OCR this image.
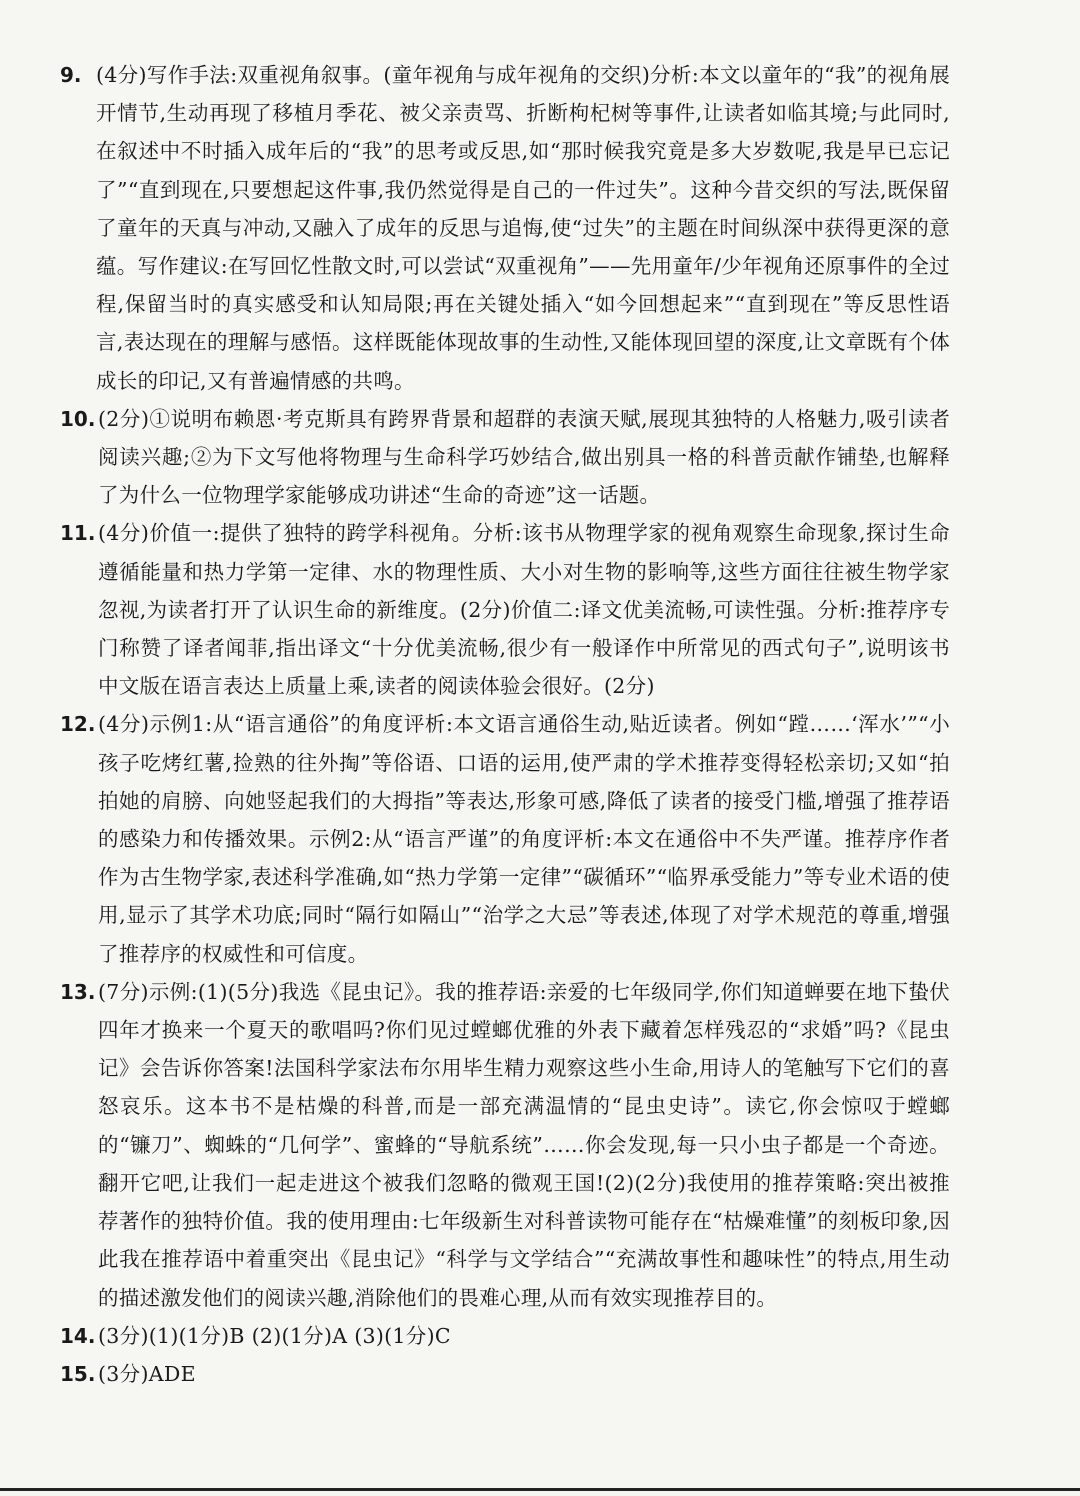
9. (4分)写作手法:双重视角叙事。(童年视角与成年视角的交织)分析:本文以童年的“我”的视角展开情节,生动再现了移植月季花、被父亲责骂、折断枸杞树等事件,让读者如临其境;与此同时,在叙述中不时插入成年后的“我”的思考或反思,如“那时候我究竟是多大岁数呢,我是早已忘记了”“直到现在,只要想起这件事,我仍然觉得是自己的一件过失”。这种今昔交织的写法,既保留了童年的天真与冲动,又融入了成年的反思与追悔,使“过失”的主题在时间纵深中获得更深的意蕴。写作建议:在写回忆性散文时,可以尝试“双重视角”——先用童年/少年视角还原事件的全过程,保留当时的真实感受和认知局限;再在关键处插入“如今回想起来”“直到现在”等反思性语言,表达现在的理解与感悟。这样既能体现故事的生动性,又能体现回望的深度,让文章既有个体成长的印记,又有普遍情感的共鸣。
10. (2分)①说明布赖恩·考克斯具有跨界背景和超群的表演天赋,展现其独特的人格魅力,吸引读者阅读兴趣;②为下文写他将物理与生命科学巧妙结合,做出别具一格的科普贡献作铺垫,也解释了为什么一位物理学家能够成功讲述“生命的奇迹”这一话题。
11. (4分)价值一:提供了独特的跨学科视角。分析:该书从物理学家的视角观察生命现象,探讨生命遵循能量和热力学第一定律、水的物理性质、大小对生物的影响等,这些方面往往被生物学家忽视,为读者打开了认识生命的新维度。(2分)价值二:译文优美流畅,可读性强。分析:推荐序专门称赞了译者闻菲,指出译文“十分优美流畅,很少有一般译作中所常见的西式句子”,说明该书中文版在语言表达上质量上乘,读者的阅读体验会很好。(2分)
12. (4分)示例1:从“语言通俗”的角度评析:本文语言通俗生动,贴近读者。例如“蹚……‘浑水’”“小孩子吃烤红薯,捡熟的往外掏”等俗语、口语的运用,使严肃的学术推荐变得轻松亲切;又如“拍拍她的肩膀、向她竖起我们的大拇指”等表达,形象可感,降低了读者的接受门槛,增强了推荐语的感染力和传播效果。示例2:从“语言严谨”的角度评析:本文在通俗中不失严谨。推荐序作者作为古生物学家,表述科学准确,如“热力学第一定律”“碳循环”“临界承受能力”等专业术语的使用,显示了其学术功底;同时“隔行如隔山”“治学之大忌”等表述,体现了对学术规范的尊重,增强了推荐序的权威性和可信度。
13. (7分)示例:(1)(5分)我选《昆虫记》。我的推荐语:亲爱的七年级同学,你们知道蝉要在地下蛰伏四年才换来一个夏天的歌唱吗?你们见过螳螂优雅的外表下藏着怎样残忍的“求婚”吗?《昆虫记》会告诉你答案!法国科学家法布尔用毕生精力观察这些小生命,用诗人的笔触写下它们的喜怒哀乐。这本书不是枯燥的科普,而是一部充满温情的“昆虫史诗”。读它,你会惊叹于螳螂的“镰刀”、蜘蛛的“几何学”、蜜蜂的“导航系统”……你会发现,每一只小虫子都是一个奇迹。翻开它吧,让我们一起走进这个被我们忽略的微观王国!(2)(2分)我使用的推荐策略:突出被推荐著作的独特价值。我的使用理由:七年级新生对科普读物可能存在“枯燥难懂”的刻板印象,因此我在推荐语中着重突出《昆虫记》“科学与文学结合”“充满故事性和趣味性”的特点,用生动的描述激发他们的阅读兴趣,消除他们的畏难心理,从而有效实现推荐目的。
14. (3分)(1)(1分)B (2)(1分)A (3)(1分)C
15. (3分)ADE
